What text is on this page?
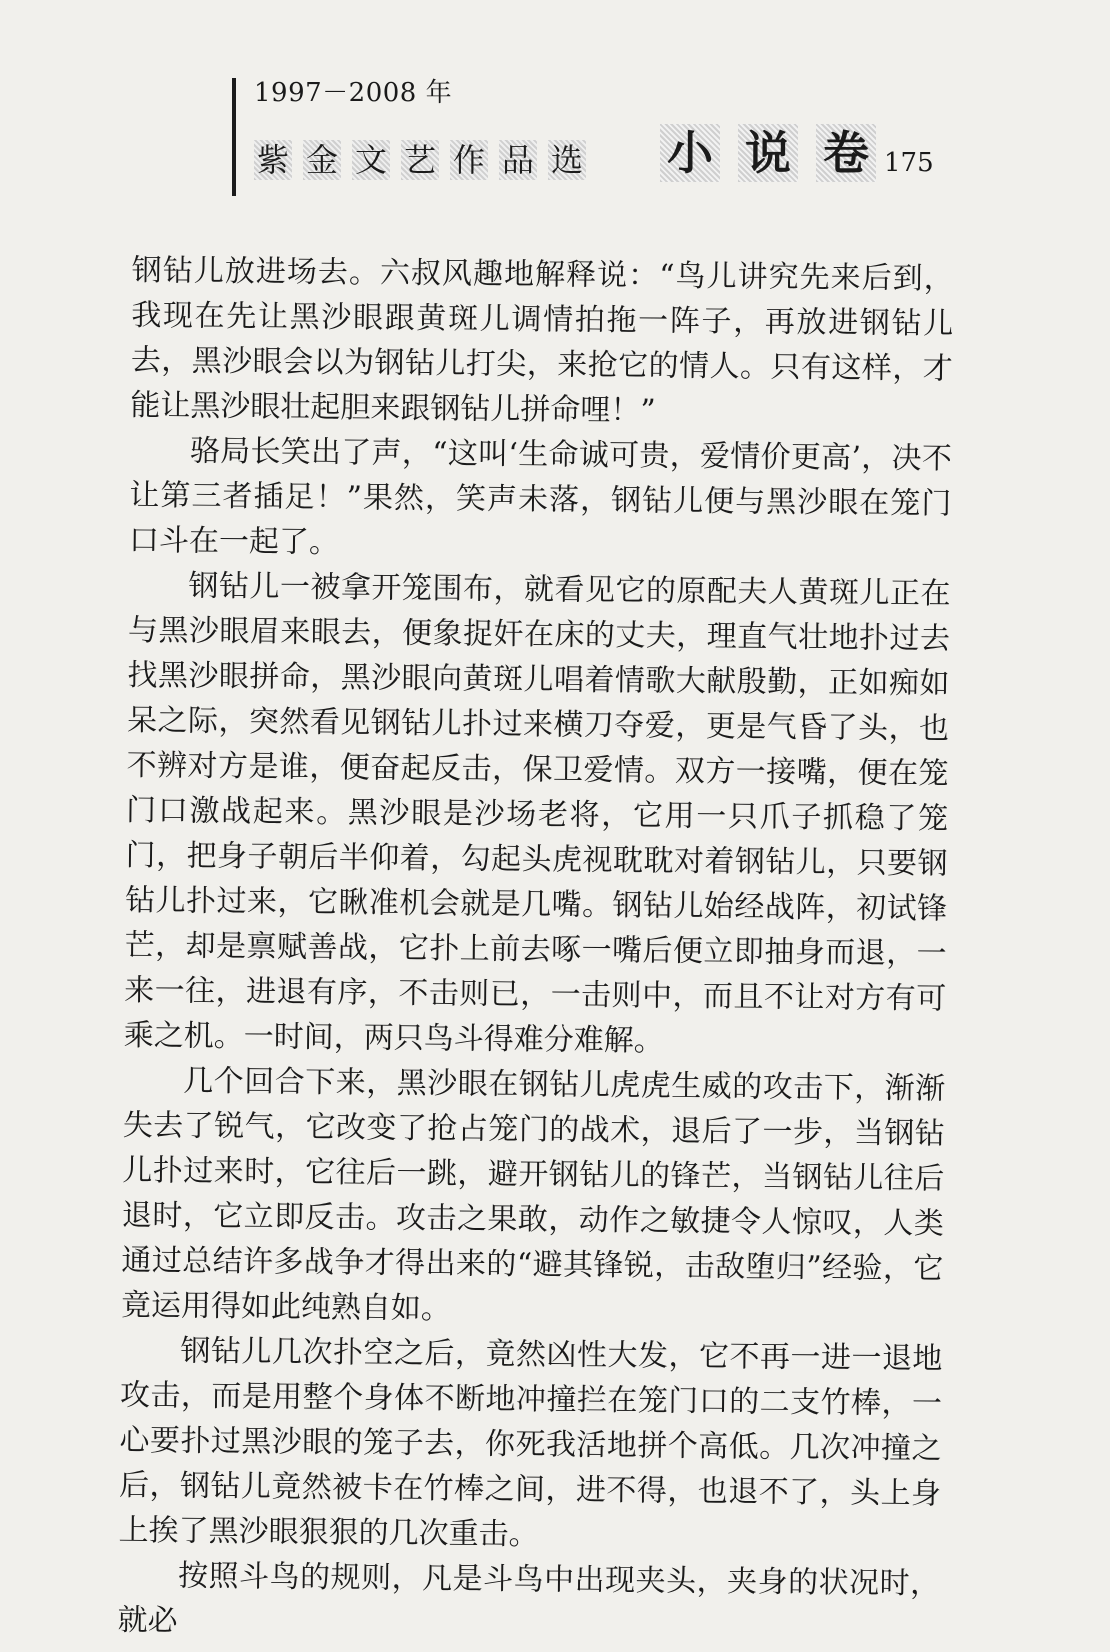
1997－2008 年
紫 金 文 艺 作 品 选 小 说 卷 175

钢钻儿放进场去。六叔风趣地解释说：“鸟儿讲究先来后到，我现在先让黑沙眼跟黄斑儿调情拍拖一阵子，再放进钢钻儿去，黑沙眼会以为钢钻儿打尖，来抢它的情人。只有这样，才能让黑沙眼壮起胆来跟钢钻儿拼命哩！”

骆局长笑出了声，“这叫‘生命诚可贵，爱情价更高’，决不让第三者插足！”果然，笑声未落，钢钻儿便与黑沙眼在笼门口斗在一起了。

钢钻儿一被拿开笼围布，就看见它的原配夫人黄斑儿正在与黑沙眼眉来眼去，便象捉奸在床的丈夫，理直气壮地扑过去找黑沙眼拼命，黑沙眼向黄斑儿唱着情歌大献殷勤，正如痴如呆之际，突然看见钢钻儿扑过来横刀夺爱，更是气昏了头，也不辨对方是谁，便奋起反击，保卫爱情。双方一接嘴，便在笼门口激战起来。黑沙眼是沙场老将，它用一只爪子抓稳了笼门，把身子朝后半仰着，勾起头虎视耽耽对着钢钻儿，只要钢钻儿扑过来，它瞅准机会就是几嘴。钢钻儿始经战阵，初试锋芒，却是禀赋善战，它扑上前去啄一嘴后便立即抽身而退，一来一往，进退有序，不击则已，一击则中，而且不让对方有可乘之机。一时间，两只鸟斗得难分难解。

几个回合下来，黑沙眼在钢钻儿虎虎生威的攻击下，渐渐失去了锐气，它改变了抢占笼门的战术，退后了一步，当钢钻儿扑过来时，它往后一跳，避开钢钻儿的锋芒，当钢钻儿往后退时，它立即反击。攻击之果敢，动作之敏捷令人惊叹，人类通过总结许多战争才得出来的“避其锋锐，击敌堕归”经验，它竟运用得如此纯熟自如。

钢钻儿几次扑空之后，竟然凶性大发，它不再一进一退地攻击，而是用整个身体不断地冲撞拦在笼门口的二支竹棒，一心要扑过黑沙眼的笼子去，你死我活地拼个高低。几次冲撞之后，钢钻儿竟然被卡在竹棒之间，进不得，也退不了，头上身上挨了黑沙眼狠狠的几次重击。

按照斗鸟的规则，凡是斗鸟中出现夹头，夹身的状况时，就必
